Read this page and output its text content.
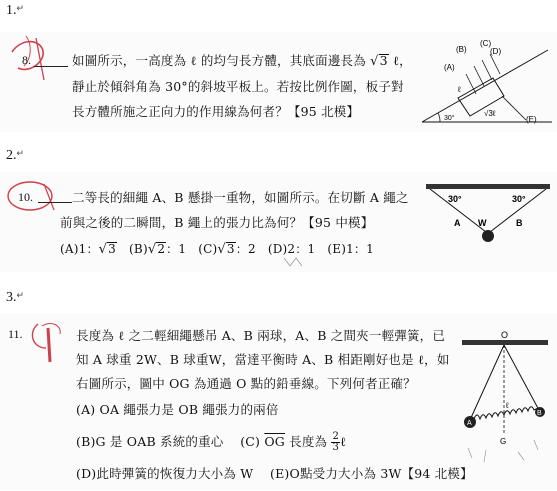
1.↵
2.↵
3.↵
8.	如圖所示，一高度為 ℓ 的均勻長方體，其底面邊長為 √3 ℓ，
靜止於傾斜角為 30°的斜坡平板上。若按比例作圖，板子對
長方體所施之正向力的作用線為何者？【95 北模】
(B)
(C)
(D)
(A)
(E)
30°
√3ℓ
ℓ
10.	二等長的細繩 A、B 懸掛一重物，如圖所示。在切斷 A 繩之
前與之後的二瞬間，B 繩上的張力比為何？【95 中模】
(A)1：√3 (B)√2：1 (C)√3：2 (D)2：1 (E)1：1
30°	30°
A W	B
11.	長度為 ℓ 之二輕細繩懸吊 A、B 兩球，A、B 之間夾一輕彈簧，已
知 A 球重 2W、B 球重W，當達平衡時 A、B 相距剛好也是 ℓ，如
右圖所示，圖中 OG 為通過 O 點的鉛垂線。下列何者正確？
(A) OA 繩張力是 OB 繩張力的兩倍
(B)G 是 OAB 系統的重心 (C) $\overline{OG}$ 長度為 $\frac{2}{3}$ ℓ
(D)此時彈簧的恢復力大小為 W (E)O點受力大小為 3W【94 北模】
O
A
B
G
ℓ
